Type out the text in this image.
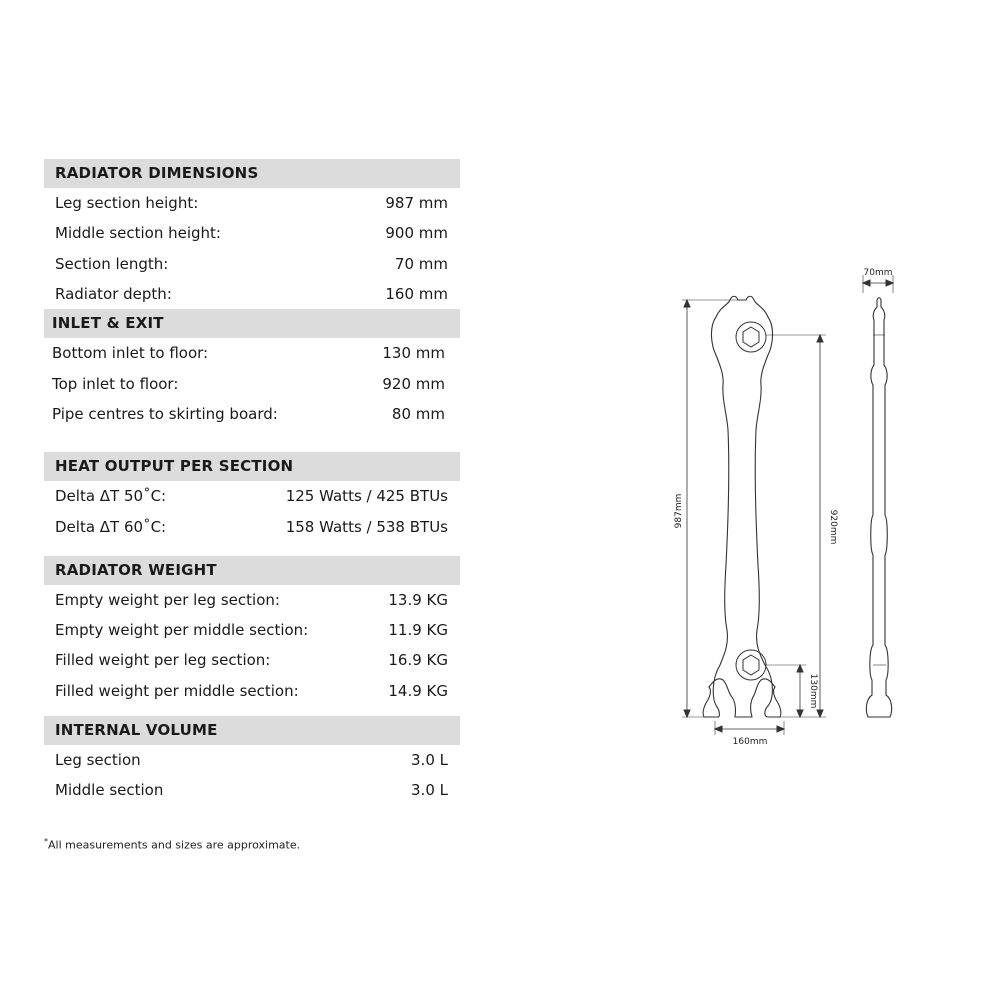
RADIATOR DIMENSIONS
Leg section height:	987 mm
Middle section height:	900 mm
Section length:	70 mm
Radiator depth:	160 mm
INLET & EXIT
Bottom inlet to floor:	130 mm
Top inlet to floor:	920 mm
Pipe centres to skirting board:	80 mm
HEAT OUTPUT PER SECTION
Delta ΔT 50˚C:	125 Watts / 425 BTUs
Delta ΔT 60˚C:	158 Watts / 538 BTUs
RADIATOR WEIGHT
Empty weight per leg section:	13.9 KG
Empty weight per middle section:	11.9 KG
Filled weight per leg section:	16.9 KG
Filled weight per middle section:	14.9 KG
INTERNAL VOLUME
Leg section	3.0 L
Middle section	3.0 L
*All measurements and sizes are approximate.
987mm	920mm
130mm
160mm
70mm
